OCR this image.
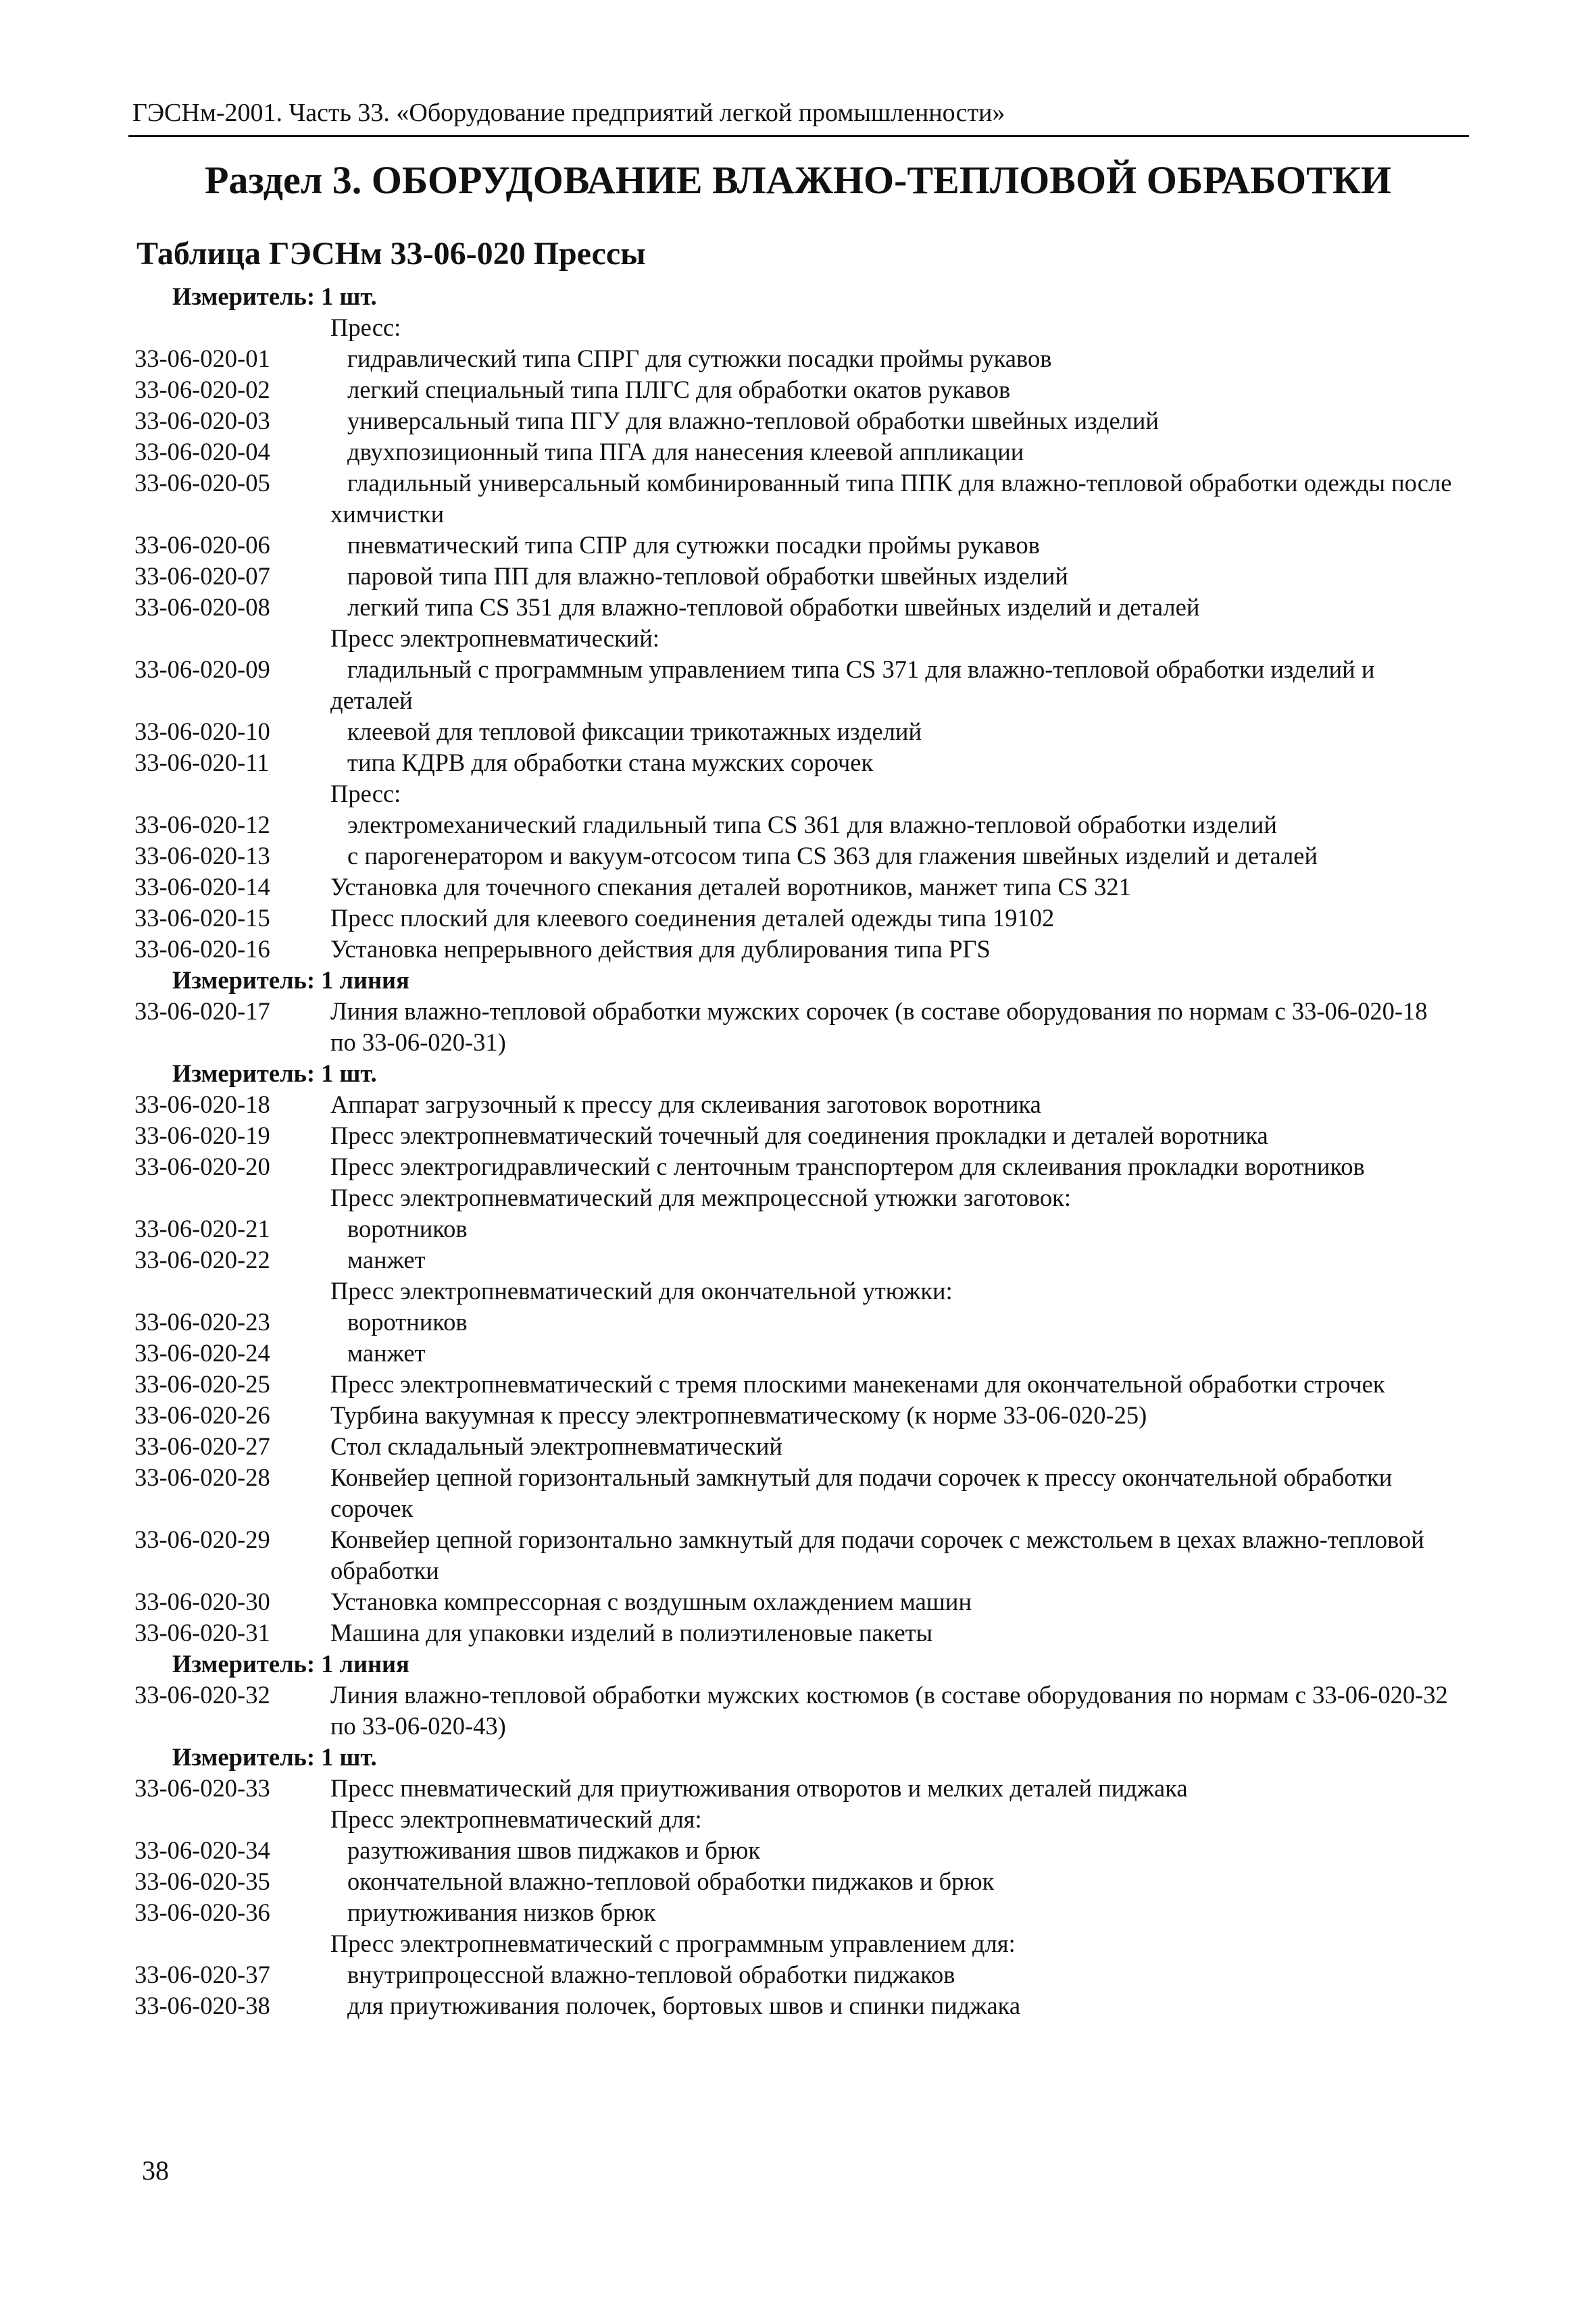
ГЭСНм-2001. Часть 33. «Оборудование предприятий легкой промышленности»
Раздел 3. ОБОРУДОВАНИЕ ВЛАЖНО-ТЕПЛОВОЙ ОБРАБОТКИ
Таблица ГЭСНм 33-06-020 Прессы
Измеритель: 1 шт.
Пресс:
33-06-020-01	гидравлический типа СПРГ для сутюжки посадки проймы рукавов
33-06-020-02	легкий специальный типа ПЛГС для обработки окатов рукавов
33-06-020-03	универсальный типа ПГУ для влажно-тепловой обработки швейных изделий
33-06-020-04	двухпозиционный типа ПГА для нанесения клеевой аппликации
33-06-020-05	гладильный универсальный комбинированный типа ППК для влажно-тепловой обработки одежды после химчистки
33-06-020-06	пневматический типа СПР для сутюжки посадки проймы рукавов
33-06-020-07	паровой типа ПП для влажно-тепловой обработки швейных изделий
33-06-020-08	легкий типа CS 351 для влажно-тепловой обработки швейных изделий и деталей
Пресс электропневматический:
33-06-020-09	гладильный с программным управлением типа CS 371 для влажно-тепловой обработки изделий и деталей
33-06-020-10	клеевой для тепловой фиксации трикотажных изделий
33-06-020-11	типа КДРВ для обработки стана мужских сорочек
Пресс:
33-06-020-12	электромеханический гладильный типа CS 361 для влажно-тепловой обработки изделий
33-06-020-13	с парогенератором и вакуум-отсосом типа CS 363 для глажения швейных изделий и деталей
33-06-020-14 Установка для точечного спекания деталей воротников, манжет типа CS 321
33-06-020-15 Пресс плоский для клеевого соединения деталей одежды типа 19102
33-06-020-16 Установка непрерывного действия для дублирования типа PГS
Измеритель: 1 линия
33-06-020-17 Линия влажно-тепловой обработки мужских сорочек (в составе оборудования по нормам с 33-06-020-18 по 33-06-020-31)
Измеритель: 1 шт.
33-06-020-18 Аппарат загрузочный к прессу для склеивания заготовок воротника
33-06-020-19 Пресс электропневматический точечный для соединения прокладки и деталей воротника
33-06-020-20 Пресс электрогидравлический с ленточным транспортером для склеивания прокладки воротников
Пресс электропневматический для межпроцессной утюжки заготовок:
33-06-020-21	воротников
33-06-020-22	манжет
Пресс электропневматический для окончательной утюжки:
33-06-020-23	воротников
33-06-020-24	манжет
33-06-020-25 Пресс электропневматический с тремя плоскими манекенами для окончательной обработки строчек
33-06-020-26 Турбина вакуумная к прессу электропневматическому (к норме 33-06-020-25)
33-06-020-27 Стол складальный электропневматический
33-06-020-28 Конвейер цепной горизонтальный замкнутый для подачи сорочек к прессу окончательной обработки сорочек
33-06-020-29 Конвейер цепной горизонтально замкнутый для подачи сорочек с межстольем в цехах влажно-тепловой обработки
33-06-020-30 Установка компрессорная с воздушным охлаждением машин
33-06-020-31 Машина для упаковки изделий в полиэтиленовые пакеты
Измеритель: 1 линия
33-06-020-32 Линия влажно-тепловой обработки мужских костюмов (в составе оборудования по нормам с 33-06-020-32 по 33-06-020-43)
Измеритель: 1 шт.
33-06-020-33 Пресс пневматический для приутюживания отворотов и мелких деталей пиджака
Пресс электропневматический для:
33-06-020-34	разутюживания швов пиджаков и брюк
33-06-020-35	окончательной влажно-тепловой обработки пиджаков и брюк
33-06-020-36	приутюживания низков брюк
Пресс электропневматический с программным управлением для:
33-06-020-37	внутрипроцессной влажно-тепловой обработки пиджаков
33-06-020-38	для приутюживания полочек, бортовых швов и спинки пиджака
38
